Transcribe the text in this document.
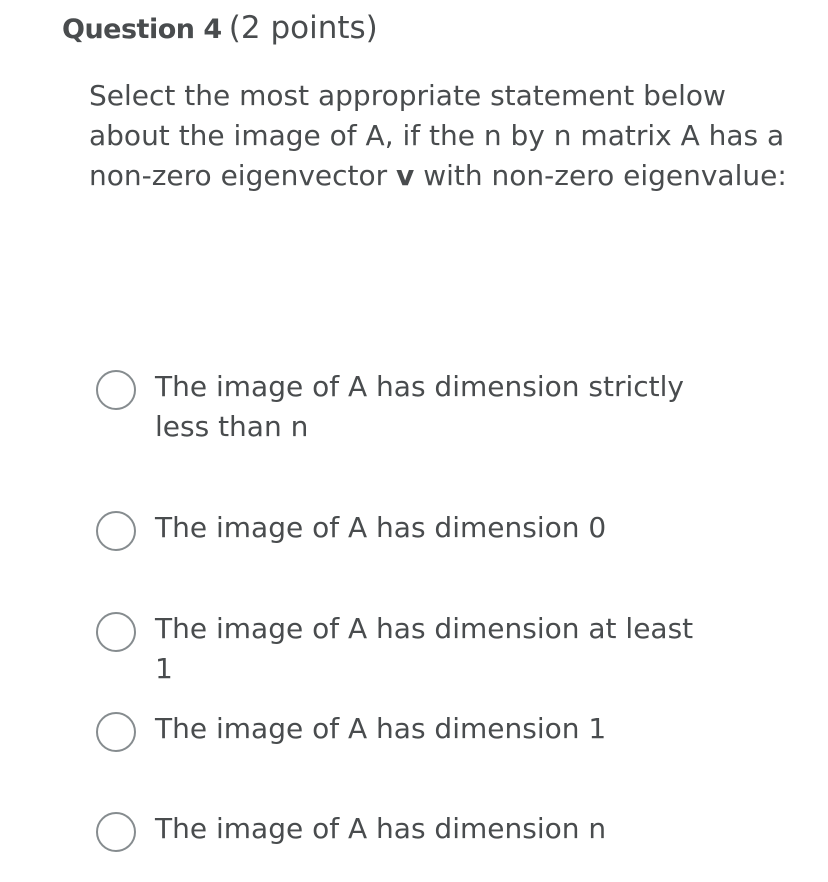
Question 4 (2 points)
Select the most appropriate statement below about the image of A, if the n by n matrix A has a non-zero eigenvector v with non-zero eigenvalue:
The image of A has dimension strictly less than n
The image of A has dimension 0
The image of A has dimension at least 1
The image of A has dimension 1
The image of A has dimension n
